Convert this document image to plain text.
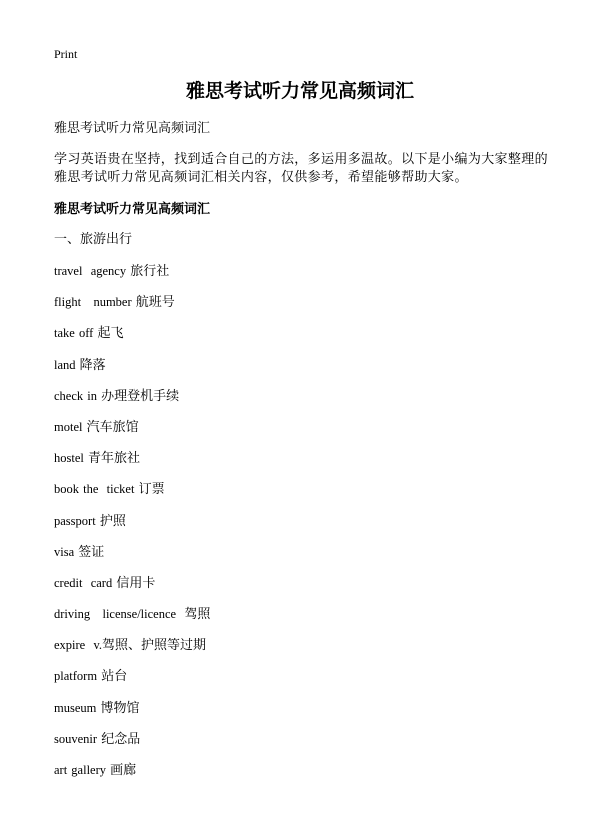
Print
雅思考试听力常见高频词汇
雅思考试听力常见高频词汇

学习英语贵在坚持，找到适合自己的方法，多运用多温故。以下是小编为大家整理的雅思考试听力常见高频词汇相关内容，仅供参考，希望能够帮助大家。

雅思考试听力常见高频词汇
一、旅游出行
travel  agency 旅行社
flight   number 航班号
take off 起飞
land 降落
check in 办理登机手续
motel 汽车旅馆
hostel 青年旅社
book the  ticket 订票
passport 护照
visa 签证
credit  card 信用卡
driving   license/licence  驾照
expire  v.驾照、护照等过期
platform 站台
museum 博物馆
souvenir 纪念品
art gallery 画廊
